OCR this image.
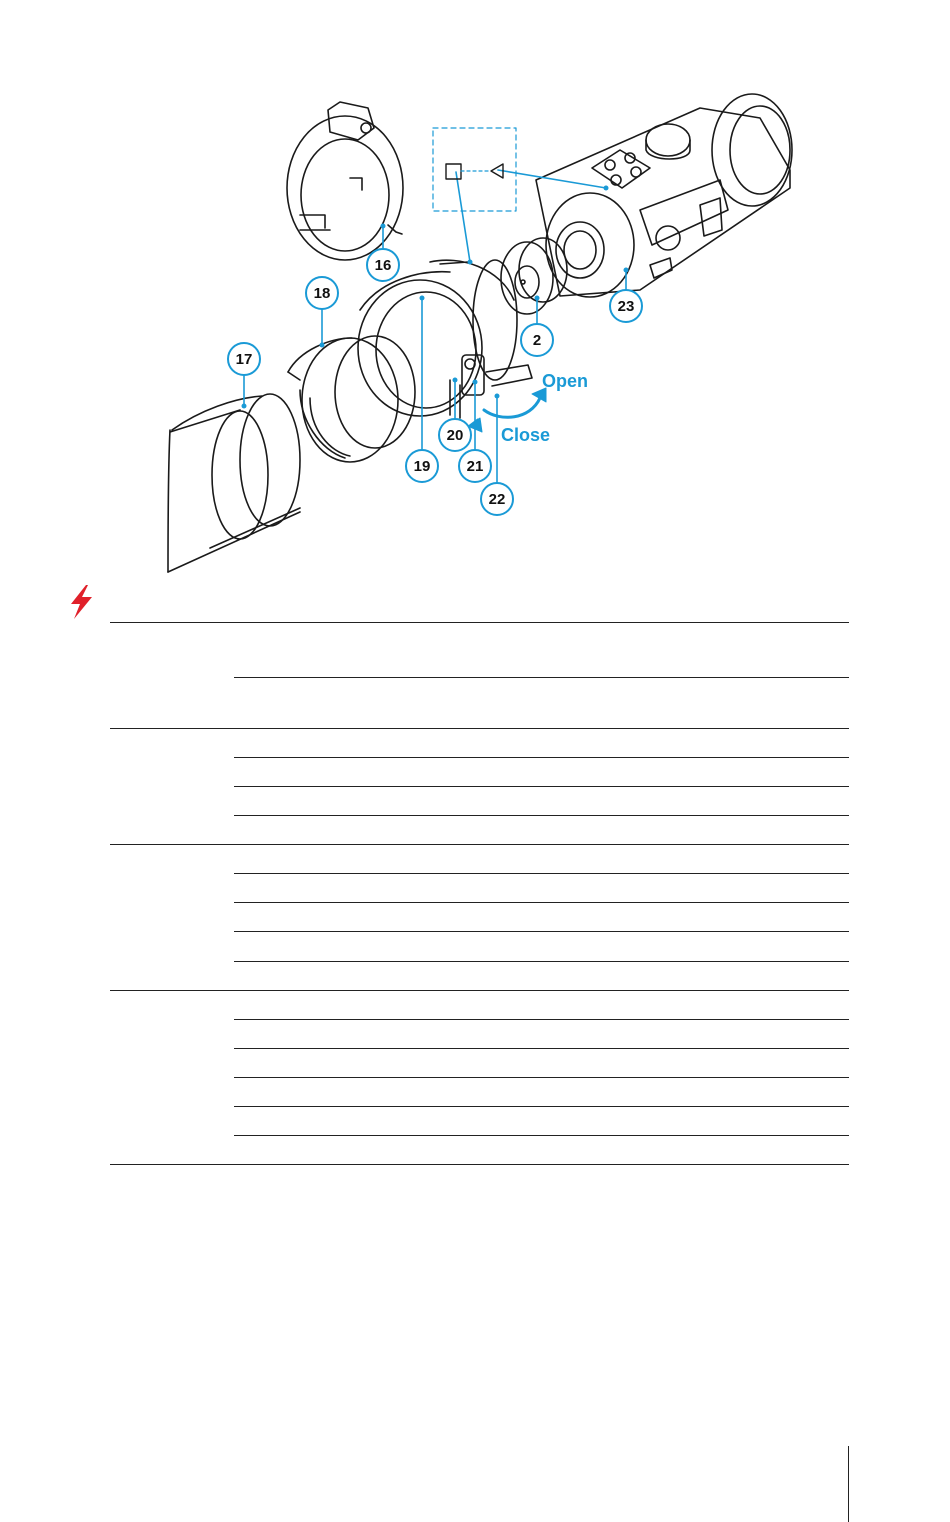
16
18
17
2
23
19
20
21
22
Open
Close
